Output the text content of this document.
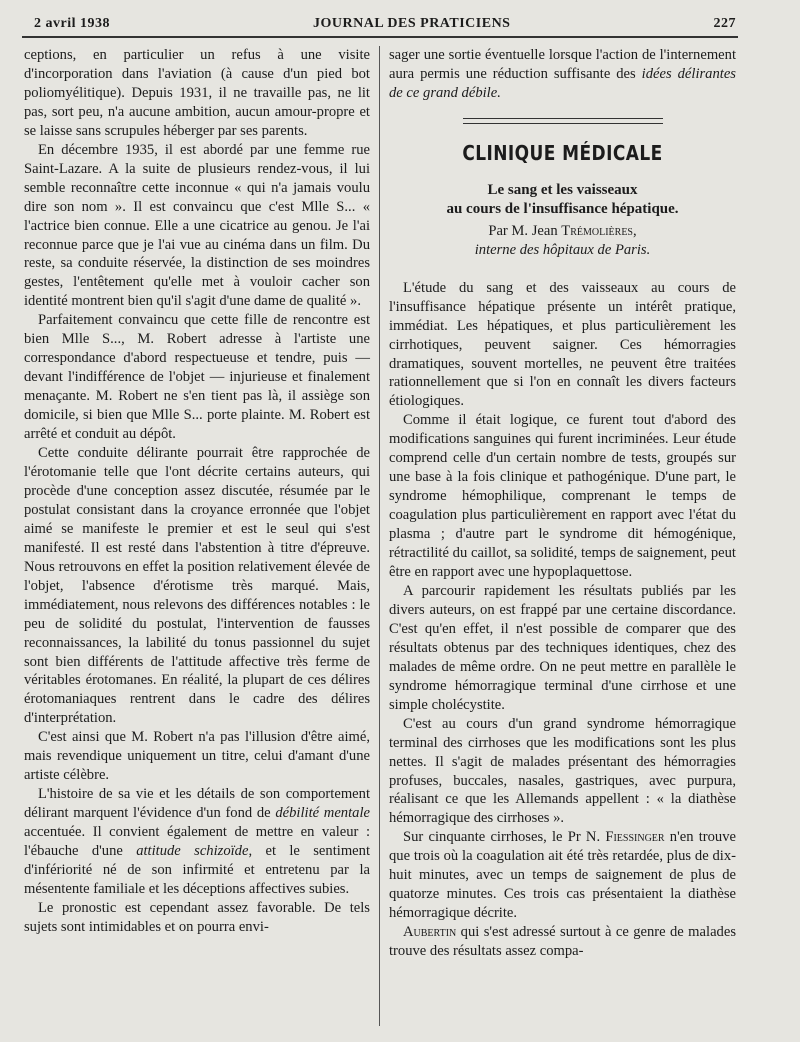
2 avril 1938	JOURNAL DES PRATICIENS	227

ceptions, en particulier un refus à une visite d'incorporation dans l'aviation (à cause d'un pied bot poliomyélitique). Depuis 1931, il ne travaille pas, ne lit pas, sort peu, n'a aucune ambition, aucun amour-propre et se laisse sans scrupules héberger par ses parents.

En décembre 1935, il est abordé par une femme rue Saint-Lazare. A la suite de plusieurs rendez-vous, il lui semble reconnaître cette inconnue « qui n'a jamais voulu dire son nom ». Il est convaincu que c'est Mlle S... « l'actrice bien connue. Elle a une cicatrice au genou. Je l'ai reconnue parce que je l'ai vue au cinéma dans un film. Du reste, sa conduite réservée, la distinction de ses moindres gestes, l'entêtement qu'elle met à vouloir cacher son identité montrent bien qu'il s'agit d'une dame de qualité ».

Parfaitement convaincu que cette fille de rencontre est bien Mlle S..., M. Robert adresse à l'artiste une correspondance d'abord respectueuse et tendre, puis — devant l'indifférence de l'objet — injurieuse et finalement menaçante. M. Robert ne s'en tient pas là, il assiège son domicile, si bien que Mlle S... porte plainte. M. Robert est arrêté et conduit au dépôt.

Cette conduite délirante pourrait être rapprochée de l'érotomanie telle que l'ont décrite certains auteurs, qui procède d'une conception assez discutée, résumée par le postulat consistant dans la croyance erronnée que l'objet aimé se manifeste le premier et est le seul qui s'est manifesté. Il est resté dans l'abstention à titre d'épreuve. Nous retrouvons en effet la position relativement élevée de l'objet, l'absence d'érotisme très marqué. Mais, immédiatement, nous relevons des différences notables : le peu de solidité du postulat, l'intervention de fausses reconnaissances, la labilité du tonus passionnel du sujet sont bien différents de l'attitude affective très ferme de véritables érotomanes. En réalité, la plupart de ces délires érotomaniaques rentrent dans le cadre des délires d'interprétation.

C'est ainsi que M. Robert n'a pas l'illusion d'être aimé, mais revendique uniquement un titre, celui d'amant d'une artiste célèbre.

L'histoire de sa vie et les détails de son comportement délirant marquent l'évidence d'un fond de débilité mentale accentuée. Il convient également de mettre en valeur : l'ébauche d'une attitude schizoïde, et le sentiment d'infériorité né de son infirmité et entretenu par la mésentente familiale et les déceptions affectives subies.

Le pronostic est cependant assez favorable. De tels sujets sont intimidables et on pourra envi-

sager une sortie éventuelle lorsque l'action de l'internement aura permis une réduction suffisante des idées délirantes de ce grand débile.

CLINIQUE MÉDICALE
Le sang et les vaisseaux
au cours de l'insuffisance hépatique.
Par M. Jean Trémolières,
interne des hôpitaux de Paris.

L'étude du sang et des vaisseaux au cours de l'insuffisance hépatique présente un intérêt pratique, immédiat. Les hépatiques, et plus particulièrement les cirrhotiques, peuvent saigner. Ces hémorragies dramatiques, souvent mortelles, ne peuvent être traitées rationnellement que si l'on en connaît les divers facteurs étiologiques.

Comme il était logique, ce furent tout d'abord des modifications sanguines qui furent incriminées. Leur étude comprend celle d'un certain nombre de tests, groupés sur une base à la fois clinique et pathogénique. D'une part, le syndrome hémophilique, comprenant le temps de coagulation plus particulièrement en rapport avec l'état du plasma ; d'autre part le syndrome dit hémogénique, rétractilité du caillot, sa solidité, temps de saignement, peut être en rapport avec une hypoplaquettose.

A parcourir rapidement les résultats publiés par les divers auteurs, on est frappé par une certaine discordance. C'est qu'en effet, il n'est possible de comparer que des résultats obtenus par des techniques identiques, chez des malades de même ordre. On ne peut mettre en parallèle le syndrome hémorragique terminal d'une cirrhose et une simple cholécystite.

C'est au cours d'un grand syndrome hémorragique terminal des cirrhoses que les modifications sont les plus nettes. Il s'agit de malades présentant des hémorragies profuses, buccales, nasales, gastriques, avec purpura, réalisant ce que les Allemands appellent : « la diathèse hémorragique des cirrhoses ».

Sur cinquante cirrhoses, le Pr N. Fiessinger n'en trouve que trois où la coagulation ait été très retardée, plus de dix-huit minutes, avec un temps de saignement de plus de quatorze minutes. Ces trois cas présentaient la diathèse hémorragique décrite.

Aubertin qui s'est adressé surtout à ce genre de malades trouve des résultats assez compa-
